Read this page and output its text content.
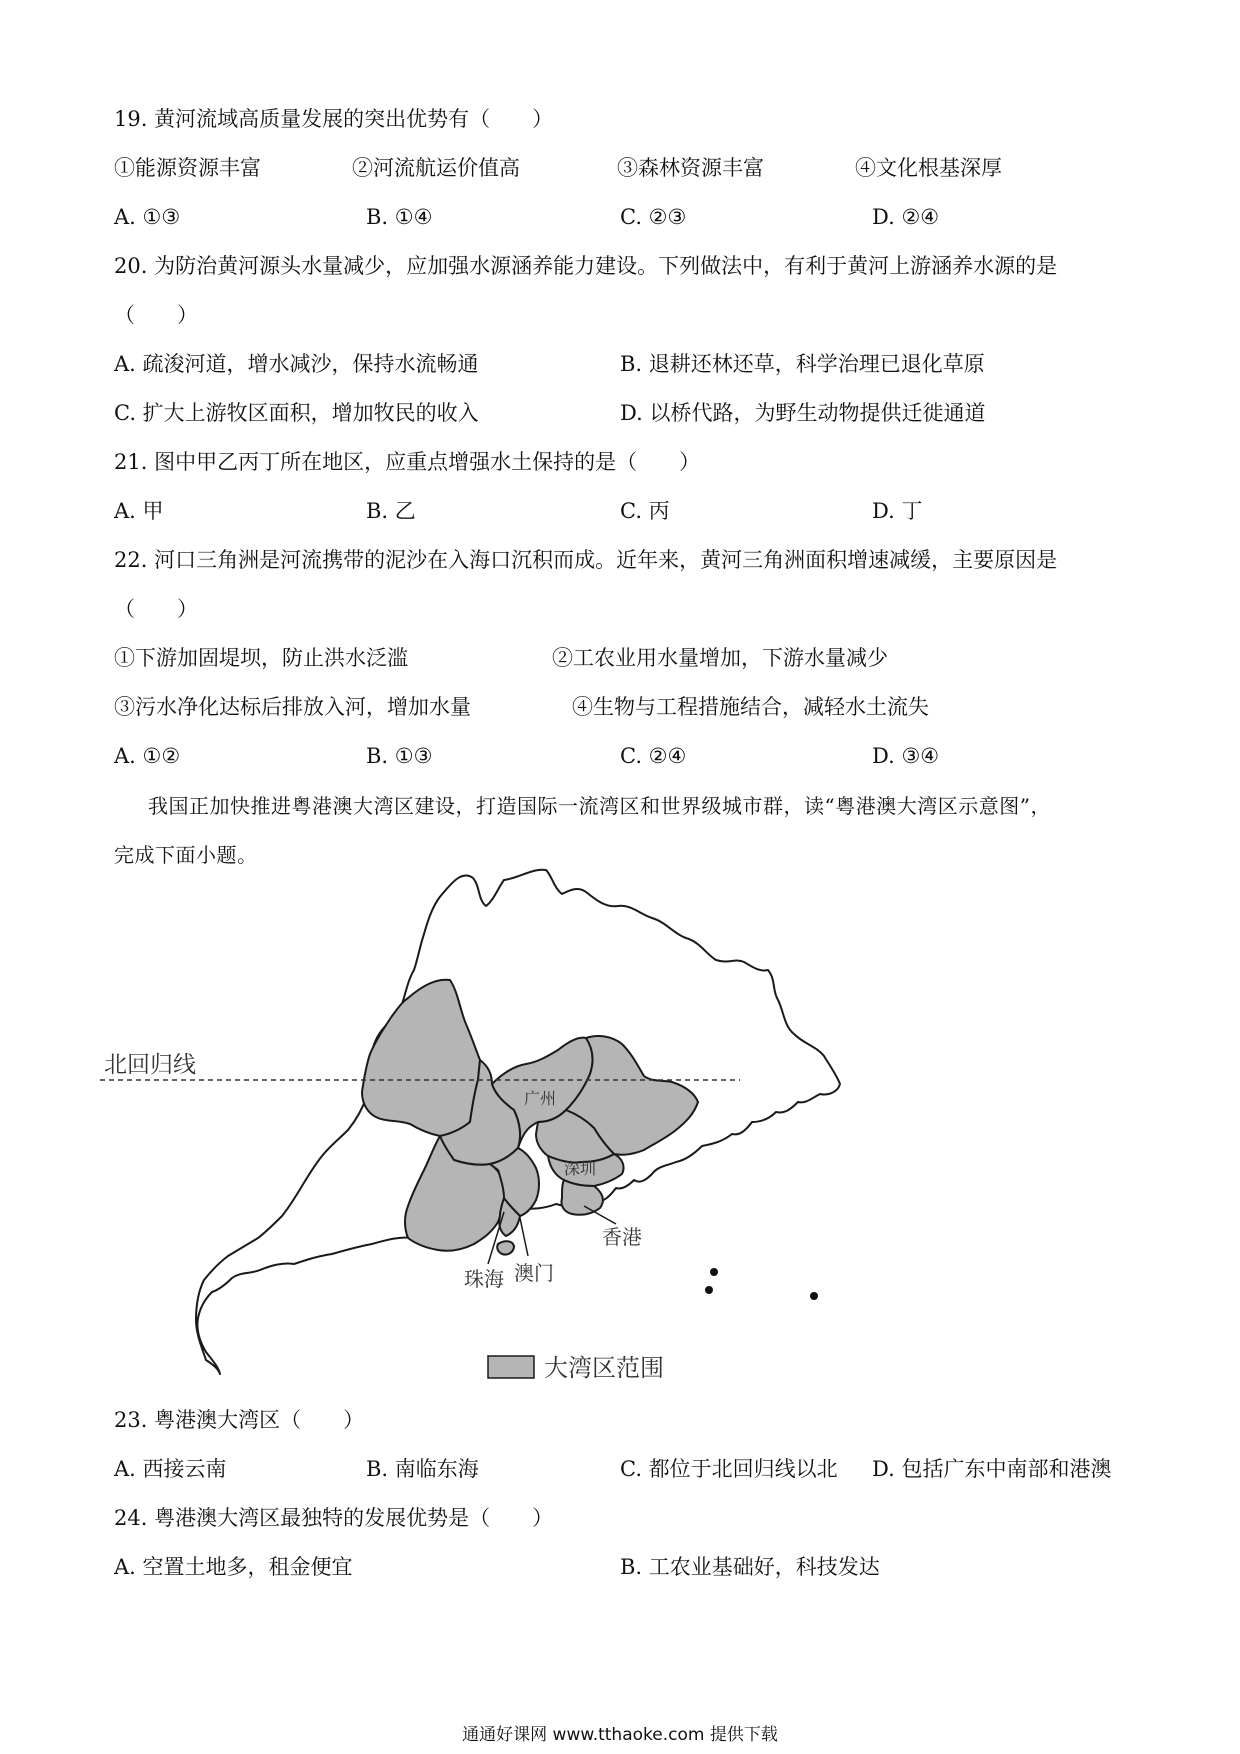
19. 黄河流域高质量发展的突出优势有（　　）

①能源资源丰富	②河流航运价值高	③森林资源丰富	④文化根基深厚
A. ①③	B. ①④	C. ②③	D. ②④

20. 为防治黄河源头水量减少，应加强水源涵养能力建设。下列做法中，有利于黄河上游涵养水源的是

（　　）

A. 疏浚河道，增水减沙，保持水流畅通	B. 退耕还林还草，科学治理已退化草原
C. 扩大上游牧区面积，增加牧民的收入	D. 以桥代路，为野生动物提供迁徙通道

21. 图中甲乙丙丁所在地区，应重点增强水土保持的是（　　）

A. 甲	B. 乙	C. 丙	D. 丁

22. 河口三角洲是河流携带的泥沙在入海口沉积而成。近年来，黄河三角洲面积增速减缓，主要原因是

（　　）

①下游加固堤坝，防止洪水泛滥	②工农业用水量增加，下游水量减少
③污水净化达标后排放入河，增加水量	④生物与工程措施结合，减轻水土流失
A. ①②	B. ①③	C. ②④	D. ③④

我国正加快推进粤港澳大湾区建设，打造国际一流湾区和世界级城市群，读“粤港澳大湾区示意图”，

完成下面小题。

北回归线
广州
深圳
香港
珠海 澳门
大湾区范围

23. 粤港澳大湾区（　　）

A. 西接云南	B. 南临东海	C. 都位于北回归线以北 D. 包括广东中南部和港澳

24. 粤港澳大湾区最独特的发展优势是（　　）

A. 空置土地多，租金便宜	B. 工农业基础好，科技发达
通通好课网 www.tthaoke.com 提供下载
